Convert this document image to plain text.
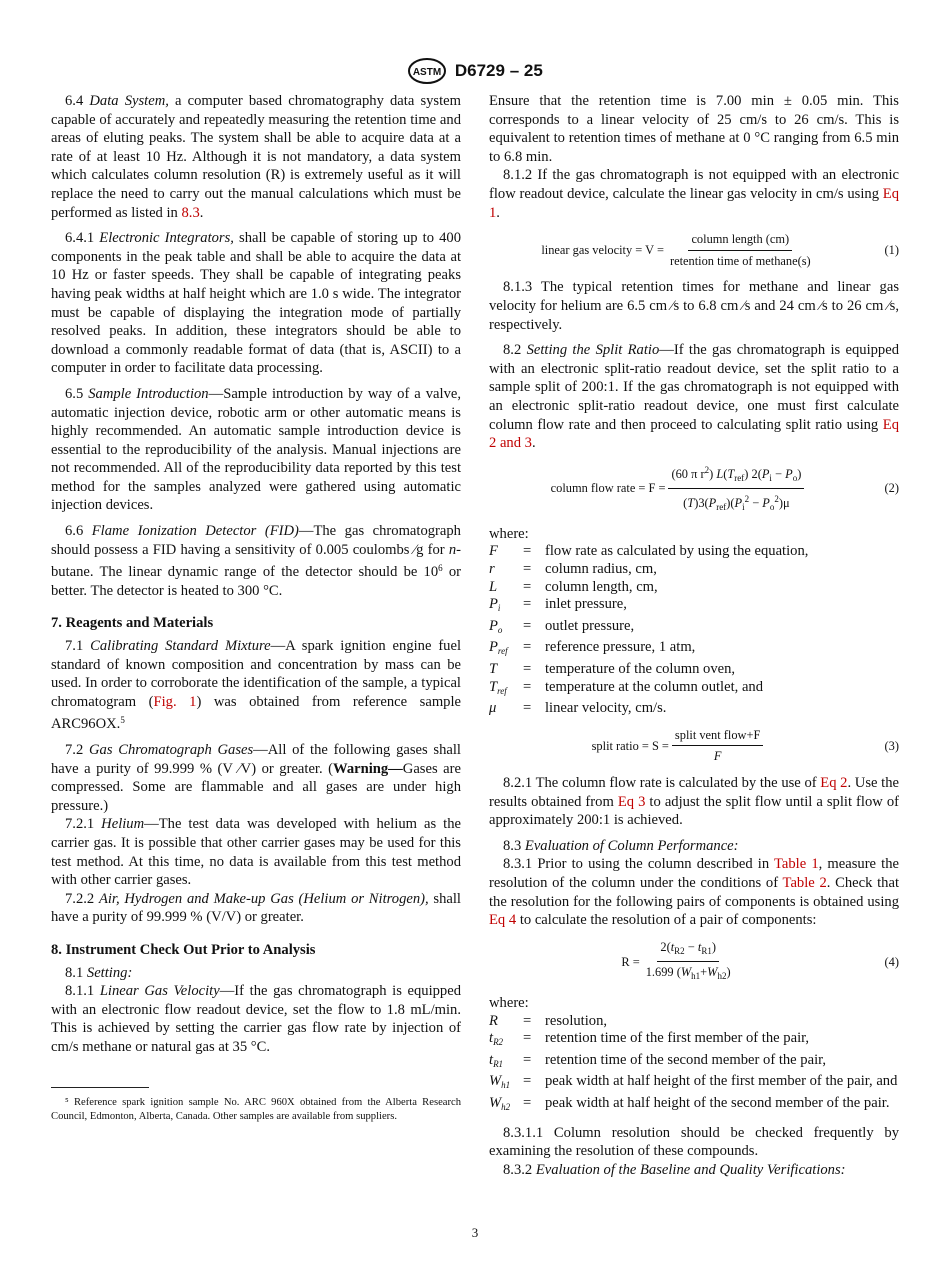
ASTM D6729 – 25

6.4 Data System, a computer based chromatography data system capable of accurately and repeatedly measuring the retention time and areas of eluting peaks. The system shall be able to acquire data at a rate of at least 10 Hz. Although it is not mandatory, a data system which calculates column resolution (R) is extremely useful as it will replace the need to carry out the manual calculations which must be performed as listed in 8.3.

6.4.1 Electronic Integrators, shall be capable of storing up to 400 components in the peak table and shall be able to acquire the data at 10 Hz or faster speeds. They shall be capable of integrating peaks having peak widths at half height which are 1.0 s wide. The integrator must be capable of displaying the integration mode of partially resolved peaks. In addition, these integrators should be able to download a commonly readable format of data (that is, ASCII) to a computer in order to facilitate data processing.

6.5 Sample Introduction—Sample introduction by way of a valve, automatic injection device, robotic arm or other automatic means is highly recommended. An automatic sample introduction device is essential to the reproducibility of the analysis. Manual injections are not recommended. All of the reproducibility data reported by this test method for the samples analyzed were gathered using automatic injection devices.

6.6 Flame Ionization Detector (FID)—The gas chromatograph should possess a FID having a sensitivity of 0.005 coulombs ⁄g for n-butane. The linear dynamic range of the detector should be $10^6$ or better. The detector is heated to 300 °C.

7. Reagents and Materials

7.1 Calibrating Standard Mixture—A spark ignition engine fuel standard of known composition and concentration by mass can be used. In order to corroborate the identification of the sample, a typical chromatogram (Fig. 1) was obtained from reference sample ARC96OX.$^5$

7.2 Gas Chromatograph Gases—All of the following gases shall have a purity of 99.999 % (V ⁄V) or greater. (Warning—Gases are compressed. Some are flammable and all gases are under high pressure.)

7.2.1 Helium—The test data was developed with helium as the carrier gas. It is possible that other carrier gases may be used for this test method. At this time, no data is available from this test method with other carrier gases.

7.2.2 Air, Hydrogen and Make-up Gas (Helium or Nitrogen), shall have a purity of 99.999 % (V/V) or greater.

8. Instrument Check Out Prior to Analysis

8.1 Setting:

8.1.1 Linear Gas Velocity—If the gas chromatograph is equipped with an electronic flow readout device, set the flow to 1.8 mL/min. This is achieved by setting the carrier gas flow rate by injection of cm/s methane or natural gas at 35 °C.

⁵ Reference spark ignition sample No. ARC 960X obtained from the Alberta Research Council, Edmonton, Alberta, Canada. Other samples are available from suppliers.

Ensure that the retention time is 7.00 min ± 0.05 min. This corresponds to a linear velocity of 25 cm/s to 26 cm/s. This is equivalent to retention times of methane at 0 °C ranging from 6.5 min to 6.8 min.

8.1.2 If the gas chromatograph is not equipped with an electronic flow readout device, calculate the linear gas velocity in cm/s using Eq 1.

linear gas velocity = $V = \frac{\text{column length (cm)}}{\text{retention time of methane(s)}}$	(1)

8.1.3 The typical retention times for methane and linear gas velocity for helium are 6.5 cm ⁄s to 6.8 cm ⁄s and 24 cm ⁄s to 26 cm ⁄s, respectively.

8.2 Setting the Split Ratio—If the gas chromatograph is equipped with an electronic split-ratio readout device, set the split ratio to a sample split of 200:1. If the gas chromatograph is not equipped with an electronic split-ratio readout device, one must first calculate column flow rate and then proceed to calculating split ratio using Eq 2 and 3.

column flow rate = $F = \frac{(60 \pi r^2) L(T_{ref}) 2(P_i - P_o)}{(T)3(P_{ref})(P_i^2 - P_o^2)\mu}$	(2)

where:

F	=	flow rate as calculated by using the equation,
r	=	column radius, cm,
L	=	column length, cm,
$P_i$	=	inlet pressure,
$P_o$	=	outlet pressure,
$P_{ref}$	=	reference pressure, 1 atm,
T	=	temperature of the column oven,
$T_{ref}$	=	temperature at the column outlet, and
μ	=	linear velocity, cm/s.
split ratio = $S = \frac{\text{split vent flow+F}}{F}$	(3)

8.2.1 The column flow rate is calculated by the use of Eq 2. Use the results obtained from Eq 3 to adjust the split flow until a split flow of approximately 200:1 is achieved.

8.3 Evaluation of Column Performance:

8.3.1 Prior to using the column described in Table 1, measure the resolution of the column under the conditions of Table 2. Check that the resolution for the following pairs of components is obtained using Eq 4 to calculate the resolution of a pair of components:

$R = \frac{2(t_{R2} - t_{R1})}{1.699 (W_{h1}+W_{h2})}$	(4)

where:

R	=	resolution,
$t_{R2}$	=	retention time of the first member of the pair,
$t_{R1}$	=	retention time of the second member of the pair,
$W_{h1}$	=	peak width at half height of the first member of the pair, and
$W_{h2}$	=	peak width at half height of the second member of the pair.

8.3.1.1 Column resolution should be checked frequently by examining the resolution of these compounds.

8.3.2 Evaluation of the Baseline and Quality Verifications:

3
